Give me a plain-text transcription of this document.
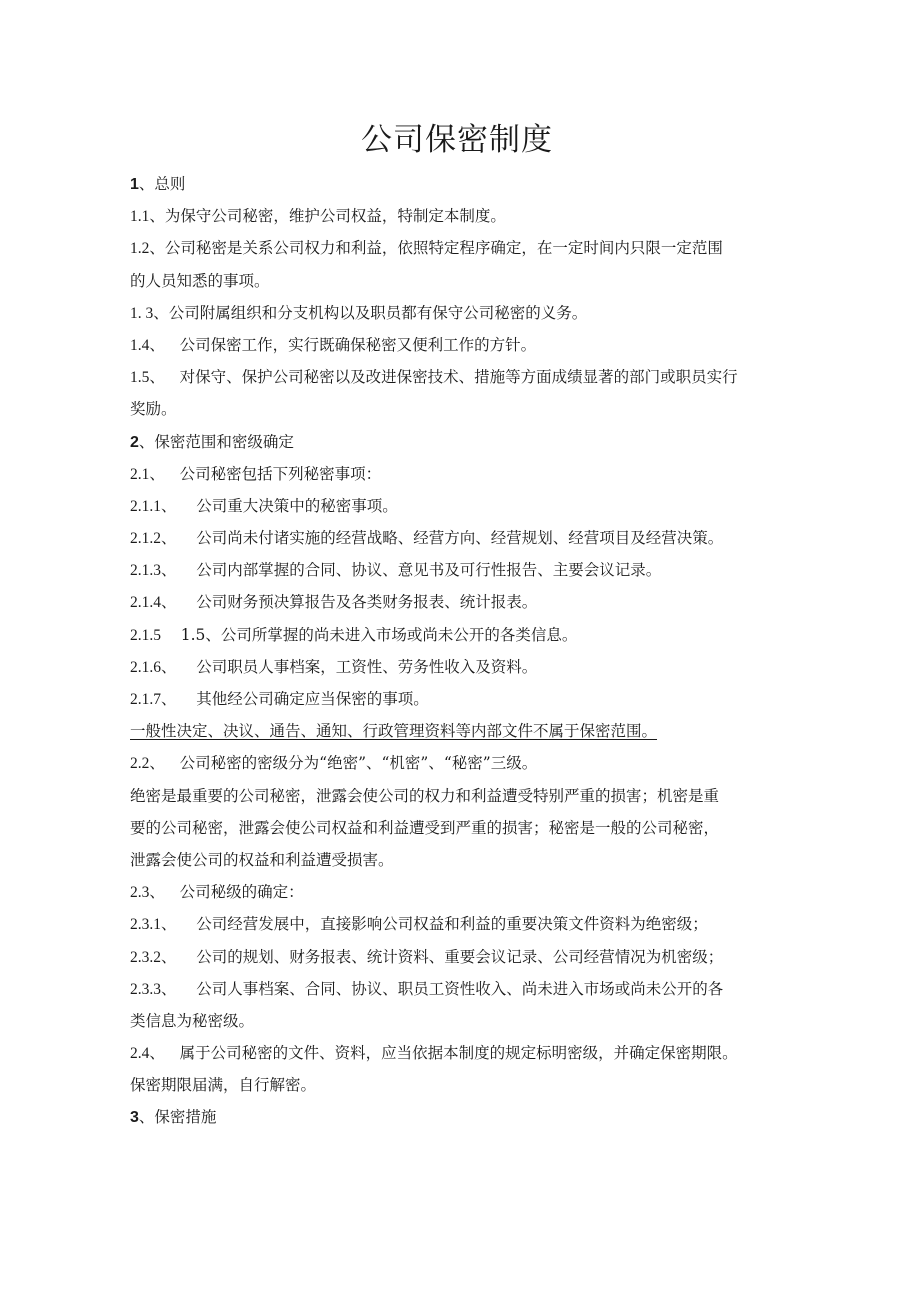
公司保密制度
1、总则
1.1、为保守公司秘密，维护公司权益，特制定本制度。
1.2、公司秘密是关系公司权力和利益，依照特定程序确定，在一定时间内只限一定范围
的人员知悉的事项。
1. 3、公司附属组织和分支机构以及职员都有保守公司秘密的义务。
1.4、   公司保密工作，实行既确保秘密又便利工作的方针。
1.5、   对保守、保护公司秘密以及改进保密技术、措施等方面成绩显著的部门或职员实行
奖励。
2、保密范围和密级确定
2.1、   公司秘密包括下列秘密事项：
2.1.1、    公司重大决策中的秘密事项。
2.1.2、    公司尚未付诸实施的经营战略、经营方向、经营规划、经营项目及经营决策。
2.1.3、    公司内部掌握的合同、协议、意见书及可行性报告、主要会议记录。
2.1.4、    公司财务预决算报告及各类财务报表、统计报表。
2.1.5 1.5、公司所掌握的尚未进入市场或尚未公开的各类信息。
2.1.6、    公司职员人事档案，工资性、劳务性收入及资料。
2.1.7、    其他经公司确定应当保密的事项。
一般性决定、决议、通告、通知、行政管理资料等内部文件不属于保密范围。
2.2、   公司秘密的密级分为“绝密”、“机密”、“秘密”三级。
绝密是最重要的公司秘密，泄露会使公司的权力和利益遭受特别严重的损害；机密是重
要的公司秘密，泄露会使公司权益和利益遭受到严重的损害；秘密是一般的公司秘密，
泄露会使公司的权益和利益遭受损害。
2.3、   公司秘级的确定：
2.3.1、    公司经营发展中，直接影响公司权益和利益的重要决策文件资料为绝密级；
2.3.2、    公司的规划、财务报表、统计资料、重要会议记录、公司经营情况为机密级；
2.3.3、    公司人事档案、合同、协议、职员工资性收入、尚未进入市场或尚未公开的各
类信息为秘密级。
2.4、   属于公司秘密的文件、资料，应当依据本制度的规定标明密级，并确定保密期限。
保密期限届满，自行解密。
3、保密措施
